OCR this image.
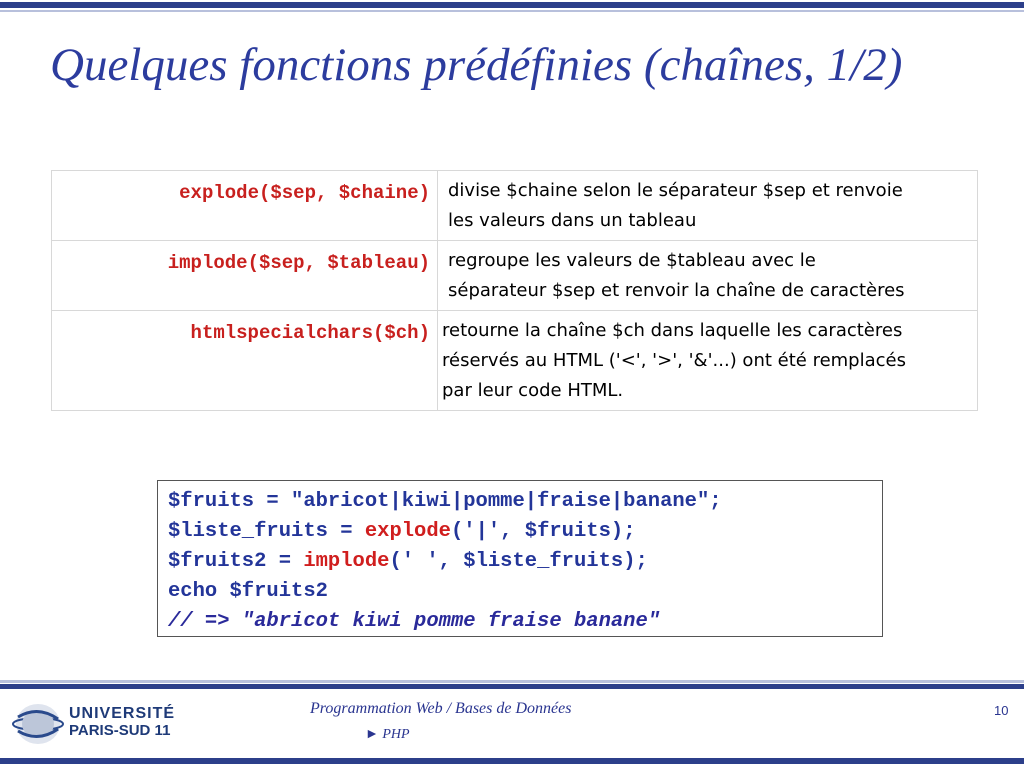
Quelques fonctions prédéfinies (chaînes, 1/2)
explode($sep, $chaine)	divise $chaine selon le séparateur $sep et renvoie
les valeurs dans un tableau

implode($sep, $tableau)	regroupe les valeurs de $tableau avec le
séparateur $sep et renvoir la chaîne de caractères

htmlspecialchars($ch)	retourne la chaîne $ch dans laquelle les caractères
réservés au HTML ('<', '>', '&'...) ont été remplacés
par leur code HTML.
$fruits = "abricot|kiwi|pomme|fraise|banane";
$liste_fruits = explode('|', $fruits);
$fruits2 = implode(' ', $liste_fruits);
echo $fruits2
// => "abricot kiwi pomme fraise banane"
UNIVERSITÉ
PARIS-SUD 11
Programmation Web / Bases de Données
► PHP
10
